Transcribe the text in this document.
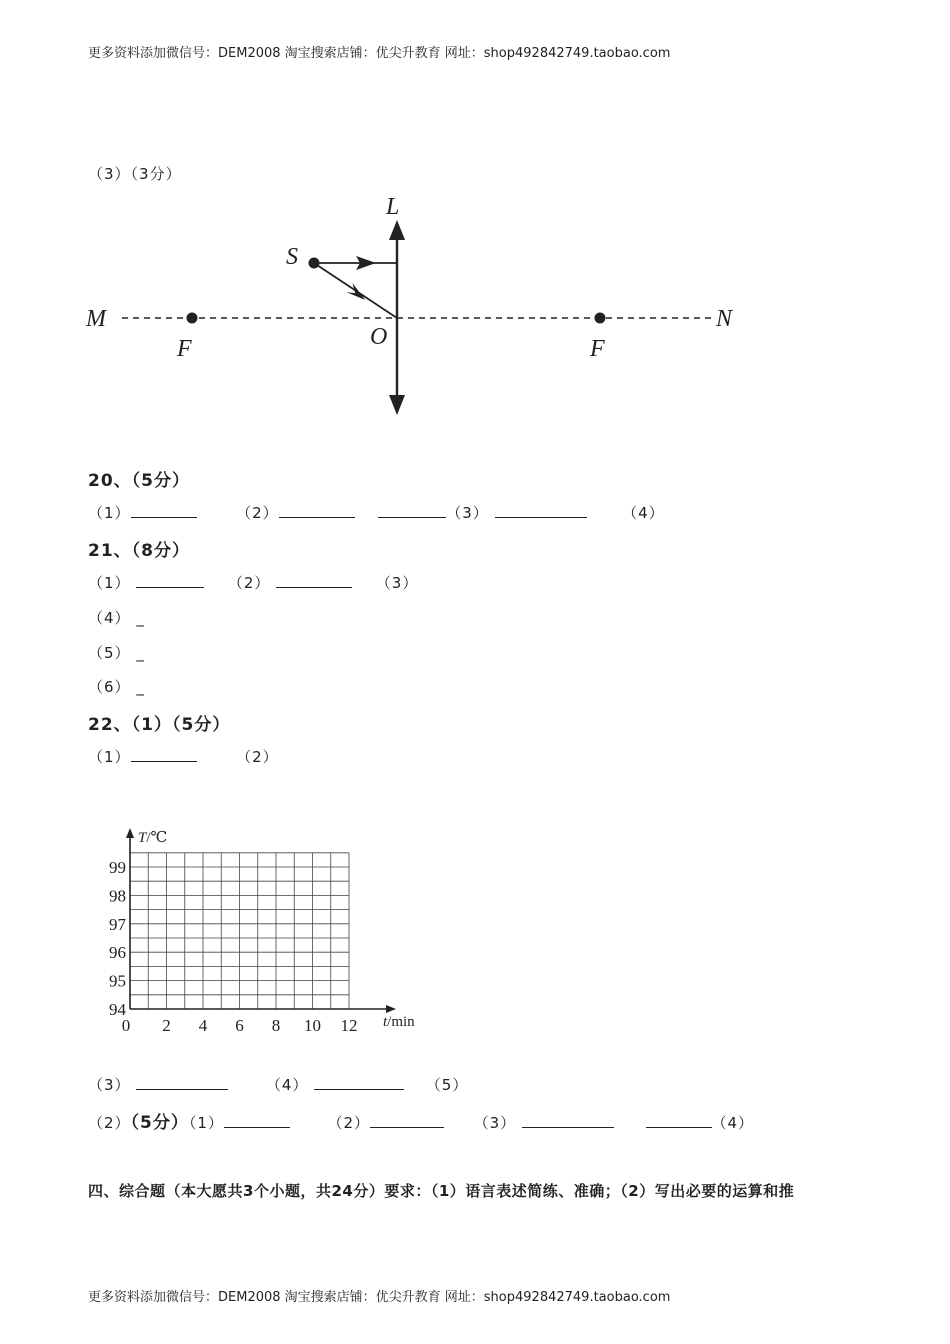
更多资料添加微信号：DEM2008 淘宝搜索店铺：优尖升教育 网址：shop492842749.taobao.com
（3）（3分）
L
S
M	N
O
F	F
20、（5分）
（1）	（2）	（3）	（4）
21、（8分）
（1）	（2）	（3）
（4） _
（5） _
（6） _
22、（1）（5分）
（1）	（2）
T/℃
t/min
94
95
96
97
98
99
0 2 4 6 8 10 12
（3）	（4）	（5）
（2）（5分）（1）	（2）	（3）	（4）
四、综合题（本大愿共3个小题，共24分）要求：（1）语言表述简练、准确；（2）写出必要的运算和推
更多资料添加微信号：DEM2008 淘宝搜索店铺：优尖升教育 网址：shop492842749.taobao.com
